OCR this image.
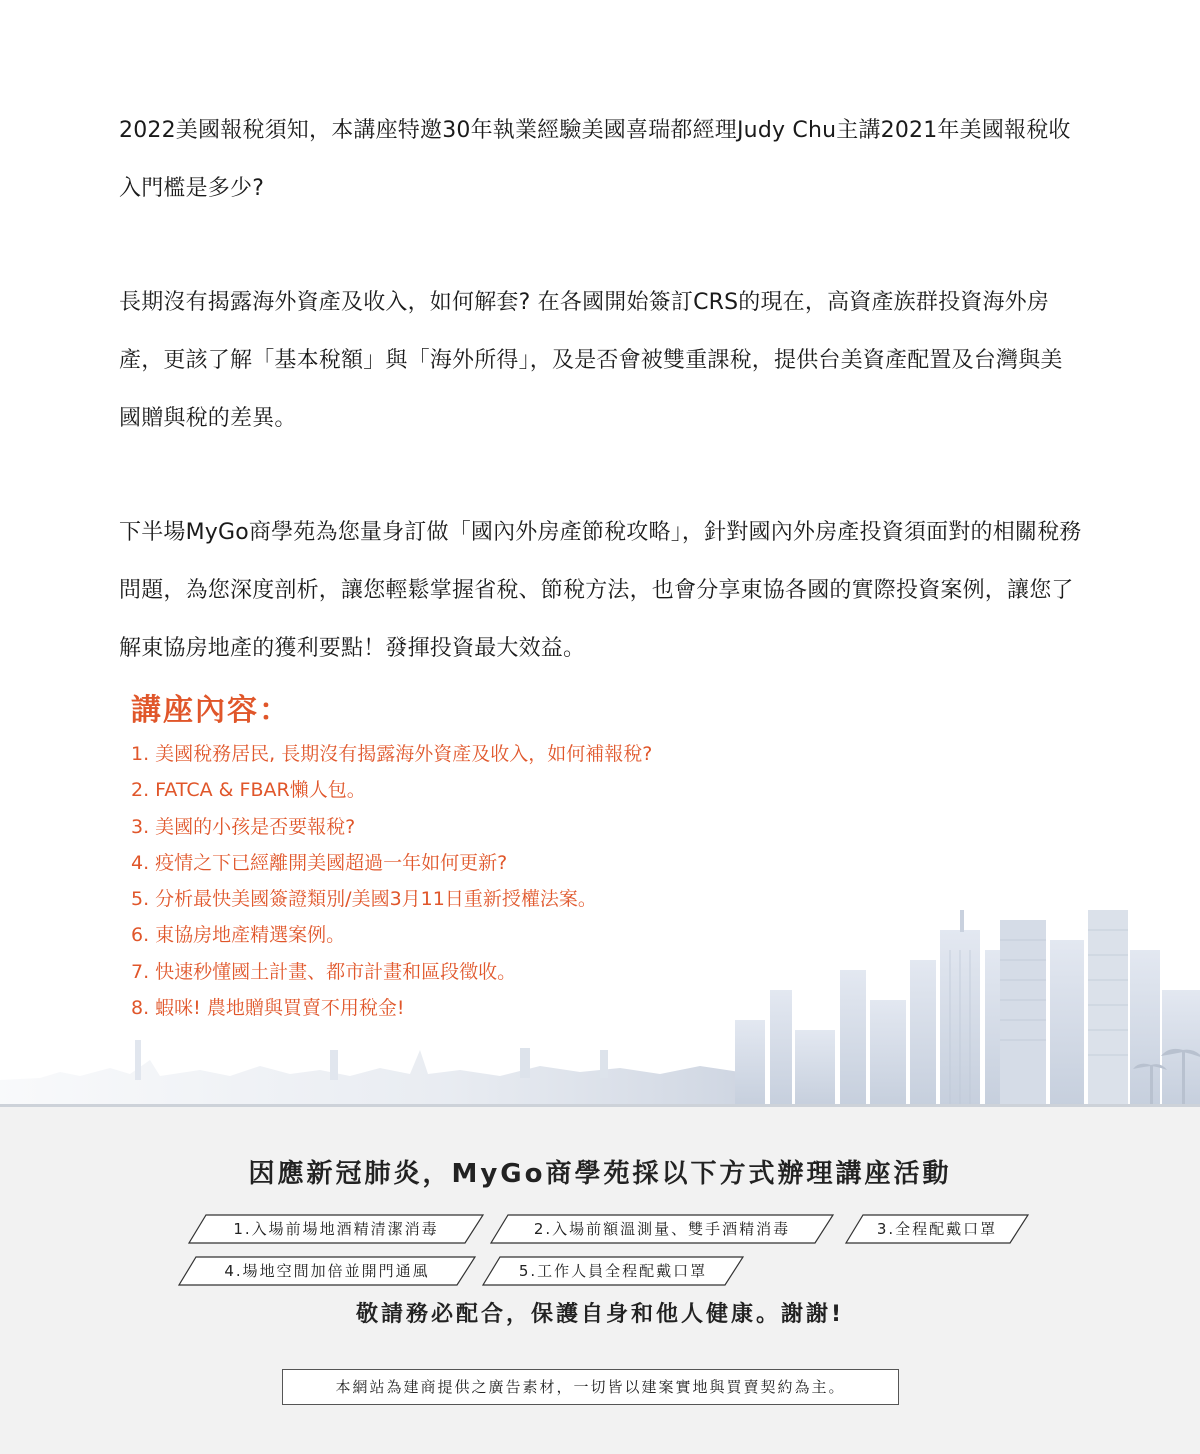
2022美國報稅須知，本講座特邀30年執業經驗美國喜瑞都經理Judy Chu主講2021年美國報稅收入門檻是多少?

長期沒有揭露海外資產及收入，如何解套? 在各國開始簽訂CRS的現在，高資產族群投資海外房產，更該了解「基本稅額」與「海外所得」，及是否會被雙重課稅，提供台美資產配置及台灣與美國贈與稅的差異。

下半場MyGo商學苑為您量身訂做「國內外房產節稅攻略」，針對國內外房產投資須面對的相關稅務問題，為您深度剖析，讓您輕鬆掌握省稅、節稅方法，也會分享東協各國的實際投資案例，讓您了解東協房地產的獲利要點！發揮投資最大效益。

講座內容：
1. 美國稅務居民, 長期沒有揭露海外資產及收入，如何補報稅?
2. FATCA & FBAR懶人包。
3. 美國的小孩是否要報稅?
4. 疫情之下已經離開美國超過一年如何更新?
5. 分析最快美國簽證類別/美國3月11日重新授權法案。
6. 東協房地產精選案例。
7. 快速秒懂國土計畫、都市計畫和區段徵收。
8. 蝦咪! 農地贈與買賣不用稅金!
因應新冠肺炎，MyGo商學苑採以下方式辦理講座活動
1.入場前場地酒精清潔消毒	2.入場前額溫測量、雙手酒精消毒	3.全程配戴口罩
4.場地空間加倍並開門通風	5.工作人員全程配戴口罩
敬請務必配合，保護自身和他人健康。謝謝!
本網站為建商提供之廣告素材，一切皆以建案實地與買賣契約為主。
